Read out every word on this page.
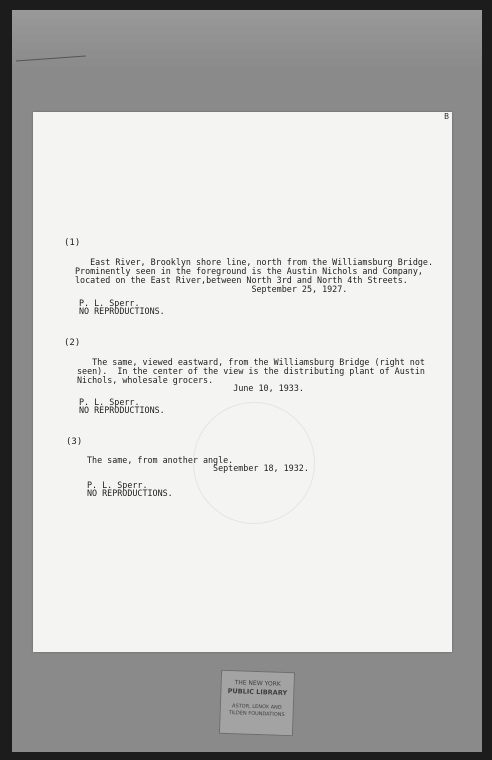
B
(1)
East River, Brooklyn shore line, north from the Williamsburg Bridge.
Prominently seen in the foreground is the Austin Nichols and Company,
located on the East River,between North 3rd and North 4th Streets.
September 25, 1927.
P. L. Sperr.
NO REPRODUCTIONS.
(2)
The same, viewed eastward, from the Williamsburg Bridge (right not
seen).  In the center of the view is the distributing plant of Austin
Nichols, wholesale grocers.
June 10, 1933.
P. L. Sperr.
NO REPRODUCTIONS.
(3)
The same, from another angle.
September 18, 1932.
P. L. Sperr.
NO REPRODUCTIONS.
THE NEW YORK
PUBLIC LIBRARY
ASTOR, LENOX AND
TILDEN FOUNDATIONS
